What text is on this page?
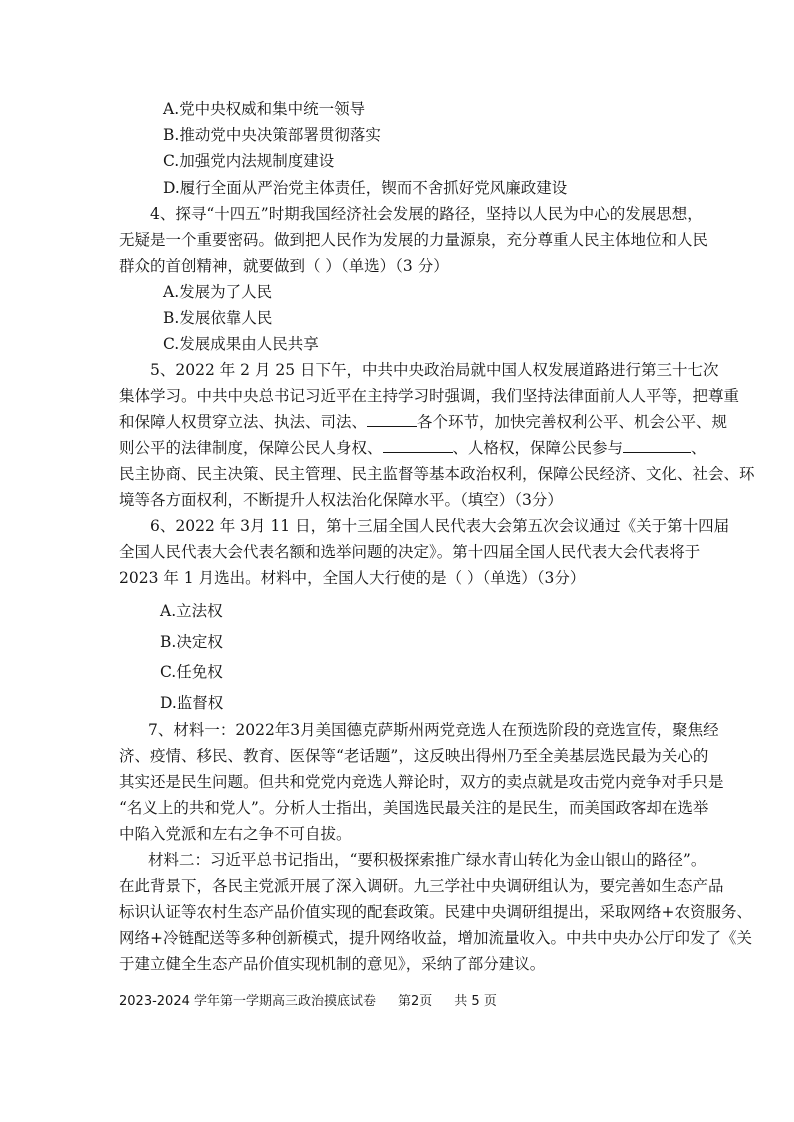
A.党中央权威和集中统一领导
B.推动党中央决策部署贯彻落实
C.加强党内法规制度建设
D.履行全面从严治党主体责任，锲而不舍抓好党风廉政建设
4、探寻“十四五”时期我国经济社会发展的路径，坚持以人民为中心的发展思想，
无疑是一个重要密码。做到把人民作为发展的力量源泉，充分尊重人民主体地位和人民
群众的首创精神，就要做到（ ）（单选）（3 分）
A.发展为了人民
B.发展依靠人民
C.发展成果由人民共享
5、2022 年 2 月 25 日下午，中共中央政治局就中国人权发展道路进行第三十七次
集体学习。中共中央总书记习近平在主持学习时强调，我们坚持法律面前人人平等，把尊重
和保障人权贯穿立法、执法、司法、	各个环节，加快完善权利公平、机会公平、规
则公平的法律制度，保障公民人身权、	、人格权，保障公民参与	、
民主协商、民主决策、民主管理、民主监督等基本政治权利，保障公民经济、文化、社会、环
境等各方面权利，不断提升人权法治化保障水平。（填空）（3分）
6、2022 年 3月 11 日，第十三届全国人民代表大会第五次会议通过《关于第十四届
全国人民代表大会代表名额和选举问题的决定》。第十四届全国人民代表大会代表将于
2023 年 1 月选出。材料中，全国人大行使的是（ ）（单选）（3分）
A.立法权
B.决定权
C.任免权
D.监督权
7、材料一：2022年3月美国德克萨斯州两党竞选人在预选阶段的竞选宣传，聚焦经
济、疫情、移民、教育、医保等“老话题”，这反映出得州乃至全美基层选民最为关心的
其实还是民生问题。但共和党党内竞选人辩论时，双方的卖点就是攻击党内竞争对手只是
“名义上的共和党人”。分析人士指出，美国选民最关注的是民生，而美国政客却在选举
中陷入党派和左右之争不可自拔。
材料二：习近平总书记指出，“要积极探索推广绿水青山转化为金山银山的路径”。
在此背景下，各民主党派开展了深入调研。九三学社中央调研组认为，要完善如生态产品
标识认证等农村生态产品价值实现的配套政策。民建中央调研组提出，采取网络+农资服务、
网络+冷链配送等多种创新模式，提升网络收益，增加流量收入。中共中央办公厅印发了《关
于建立健全生态产品价值实现机制的意见》，采纳了部分建议。
2023-2024 学年第一学期高三政治摸底试卷 第2页 共 5 页
